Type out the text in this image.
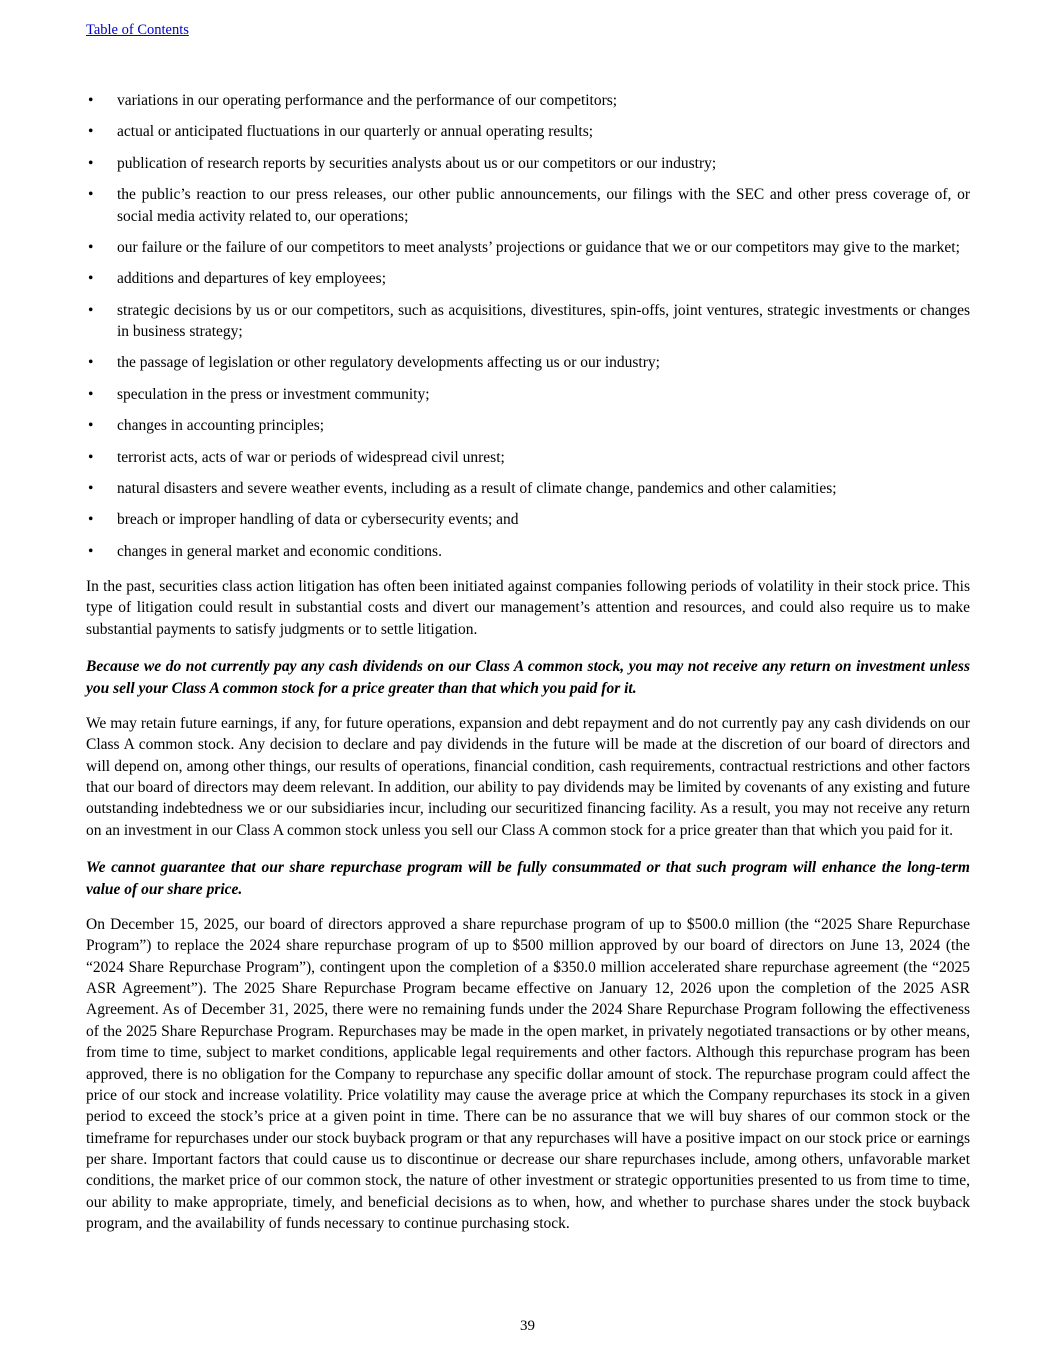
Table of Contents
•	variations in our operating performance and the performance of our competitors;
•	actual or anticipated fluctuations in our quarterly or annual operating results;
•	publication of research reports by securities analysts about us or our competitors or our industry;
•	the public’s reaction to our press releases, our other public announcements, our filings with the SEC and other press coverage of, or social media activity related to, our operations;
•	our failure or the failure of our competitors to meet analysts’ projections or guidance that we or our competitors may give to the market;
•	additions and departures of key employees;
•	strategic decisions by us or our competitors, such as acquisitions, divestitures, spin-offs, joint ventures, strategic investments or changes in business strategy;
•	the passage of legislation or other regulatory developments affecting us or our industry;
•	speculation in the press or investment community;
•	changes in accounting principles;
•	terrorist acts, acts of war or periods of widespread civil unrest;
•	natural disasters and severe weather events, including as a result of climate change, pandemics and other calamities;
•	breach or improper handling of data or cybersecurity events; and
•	changes in general market and economic conditions.

In the past, securities class action litigation has often been initiated against companies following periods of volatility in their stock price. This type of litigation could result in substantial costs and divert our management’s attention and resources, and could also require us to make substantial payments to satisfy judgments or to settle litigation.

Because we do not currently pay any cash dividends on our Class A common stock, you may not receive any return on investment unless you sell your Class A common stock for a price greater than that which you paid for it.

We may retain future earnings, if any, for future operations, expansion and debt repayment and do not currently pay any cash dividends on our Class A common stock. Any decision to declare and pay dividends in the future will be made at the discretion of our board of directors and will depend on, among other things, our results of operations, financial condition, cash requirements, contractual restrictions and other factors that our board of directors may deem relevant. In addition, our ability to pay dividends may be limited by covenants of any existing and future outstanding indebtedness we or our subsidiaries incur, including our securitized financing facility. As a result, you may not receive any return on an investment in our Class A common stock unless you sell our Class A common stock for a price greater than that which you paid for it.

We cannot guarantee that our share repurchase program will be fully consummated or that such program will enhance the long-term value of our share price.

On December 15, 2025, our board of directors approved a share repurchase program of up to $500.0 million (the “2025 Share Repurchase Program”) to replace the 2024 share repurchase program of up to $500 million approved by our board of directors on June 13, 2024 (the “2024 Share Repurchase Program”), contingent upon the completion of a $350.0 million accelerated share repurchase agreement (the “2025 ASR Agreement”). The 2025 Share Repurchase Program became effective on January 12, 2026 upon the completion of the 2025 ASR Agreement. As of December 31, 2025, there were no remaining funds under the 2024 Share Repurchase Program following the effectiveness of the 2025 Share Repurchase Program. Repurchases may be made in the open market, in privately negotiated transactions or by other means, from time to time, subject to market conditions, applicable legal requirements and other factors. Although this repurchase program has been approved, there is no obligation for the Company to repurchase any specific dollar amount of stock. The repurchase program could affect the price of our stock and increase volatility. Price volatility may cause the average price at which the Company repurchases its stock in a given period to exceed the stock’s price at a given point in time. There can be no assurance that we will buy shares of our common stock or the timeframe for repurchases under our stock buyback program or that any repurchases will have a positive impact on our stock price or earnings per share. Important factors that could cause us to discontinue or decrease our share repurchases include, among others, unfavorable market conditions, the market price of our common stock, the nature of other investment or strategic opportunities presented to us from time to time, our ability to make appropriate, timely, and beneficial decisions as to when, how, and whether to purchase shares under the stock buyback program, and the availability of funds necessary to continue purchasing stock.

39
